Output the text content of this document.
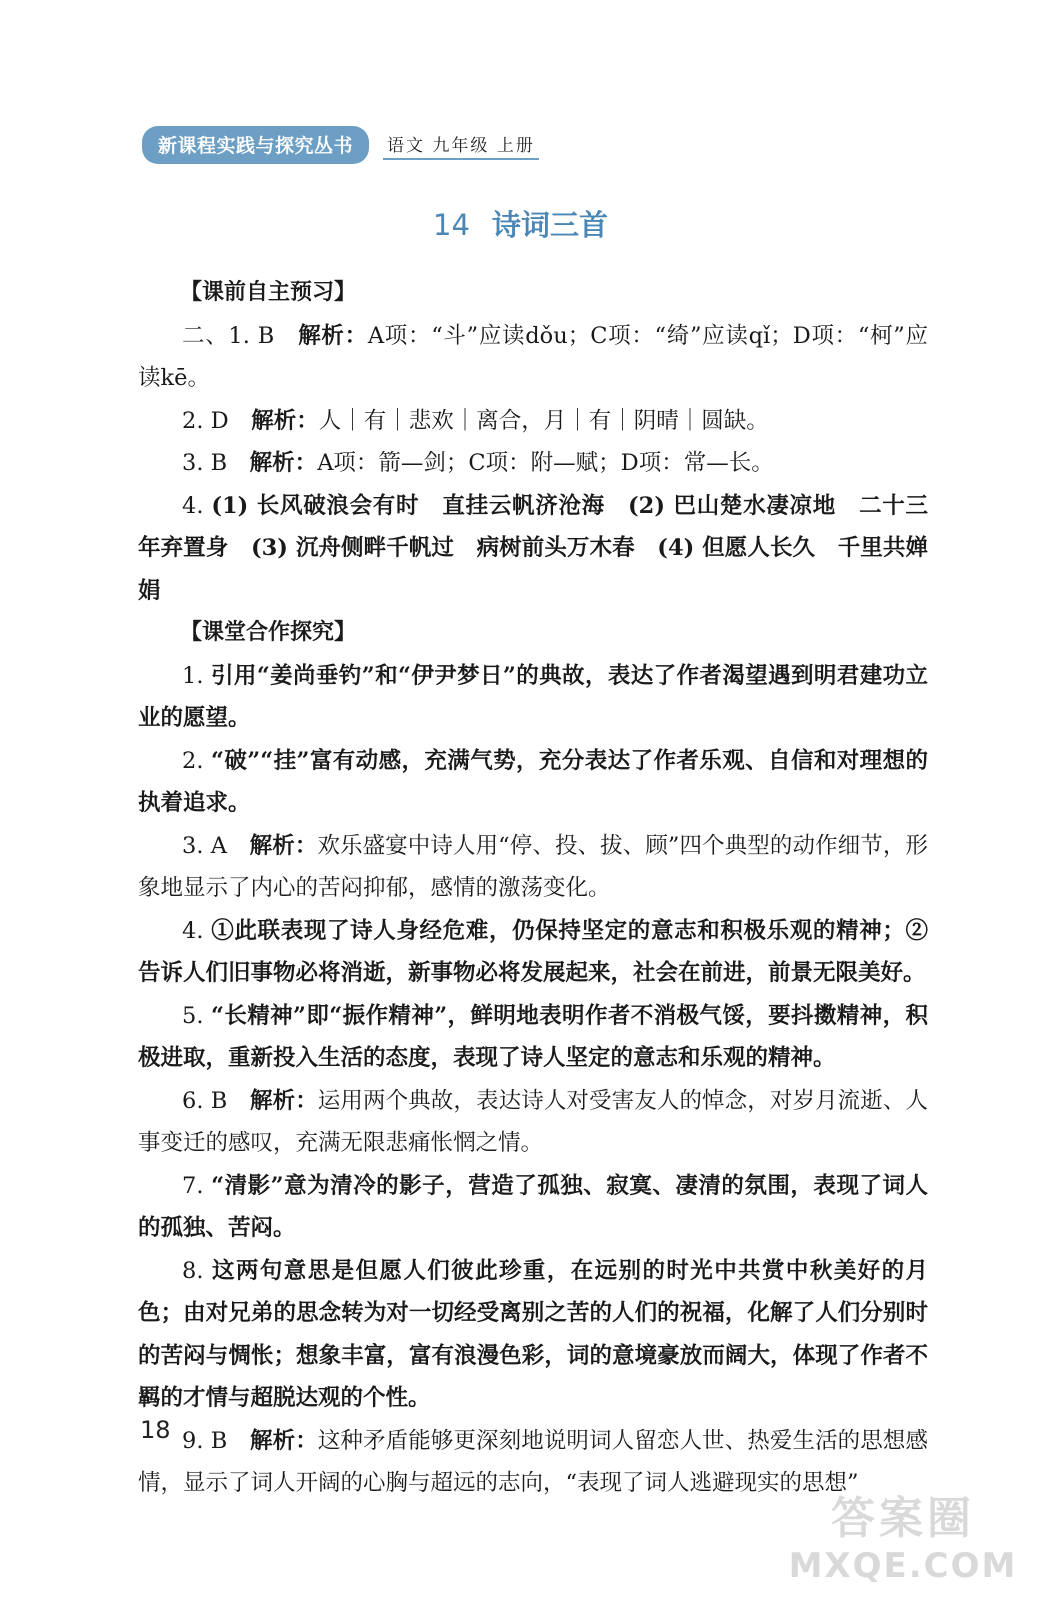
新课程实践与探究丛书	语文 九年级 上册
14 诗词三首
【课前自主预习】

二、1. B　 解析：A项：“斗”应读dǒu；C项：“绮”应读qǐ；D项：“柯”应读kē。

2. D　 解析：人｜有｜悲欢｜离合，月｜有｜阴晴｜圆缺。

3. B　 解析：A项：箭—剑；C项：附—赋；D项：常—长。

4. (1) 长风破浪会有时　直挂云帆济沧海　(2) 巴山楚水凄凉地　二十三年弃置身　(3) 沉舟侧畔千帆过　病树前头万木春　(4) 但愿人长久　千里共婵娟

【课堂合作探究】

1. 引用“姜尚垂钓”和“伊尹梦日”的典故，表达了作者渴望遇到明君建功立业的愿望。

2. “破”“挂”富有动感，充满气势，充分表达了作者乐观、自信和对理想的执着追求。

3. A　 解析：欢乐盛宴中诗人用“停、投、拔、顾”四个典型的动作细节，形象地显示了内心的苦闷抑郁，感情的激荡变化。

4. ①此联表现了诗人身经危难，仍保持坚定的意志和积极乐观的精神；②告诉人们旧事物必将消逝，新事物必将发展起来，社会在前进，前景无限美好。

5. “长精神”即“振作精神”，鲜明地表明作者不消极气馁，要抖擞精神，积极进取，重新投入生活的态度，表现了诗人坚定的意志和乐观的精神。

6. B　 解析：运用两个典故，表达诗人对受害友人的悼念，对岁月流逝、人事变迁的感叹，充满无限悲痛怅惘之情。

7. “清影”意为清冷的影子，营造了孤独、寂寞、凄清的氛围，表现了词人的孤独、苦闷。

8. 这两句意思是但愿人们彼此珍重，在远别的时光中共赏中秋美好的月色；由对兄弟的思念转为对一切经受离别之苦的人们的祝福，化解了人们分别时的苦闷与惆怅；想象丰富，富有浪漫色彩，词的意境豪放而阔大，体现了作者不羁的才情与超脱达观的个性。

9. B　 解析：这种矛盾能够更深刻地说明词人留恋人世、热爱生活的思想感情，显示了词人开阔的心胸与超远的志向，“表现了词人逃避现实的思想”

18
答案圈
MXQE.COM
